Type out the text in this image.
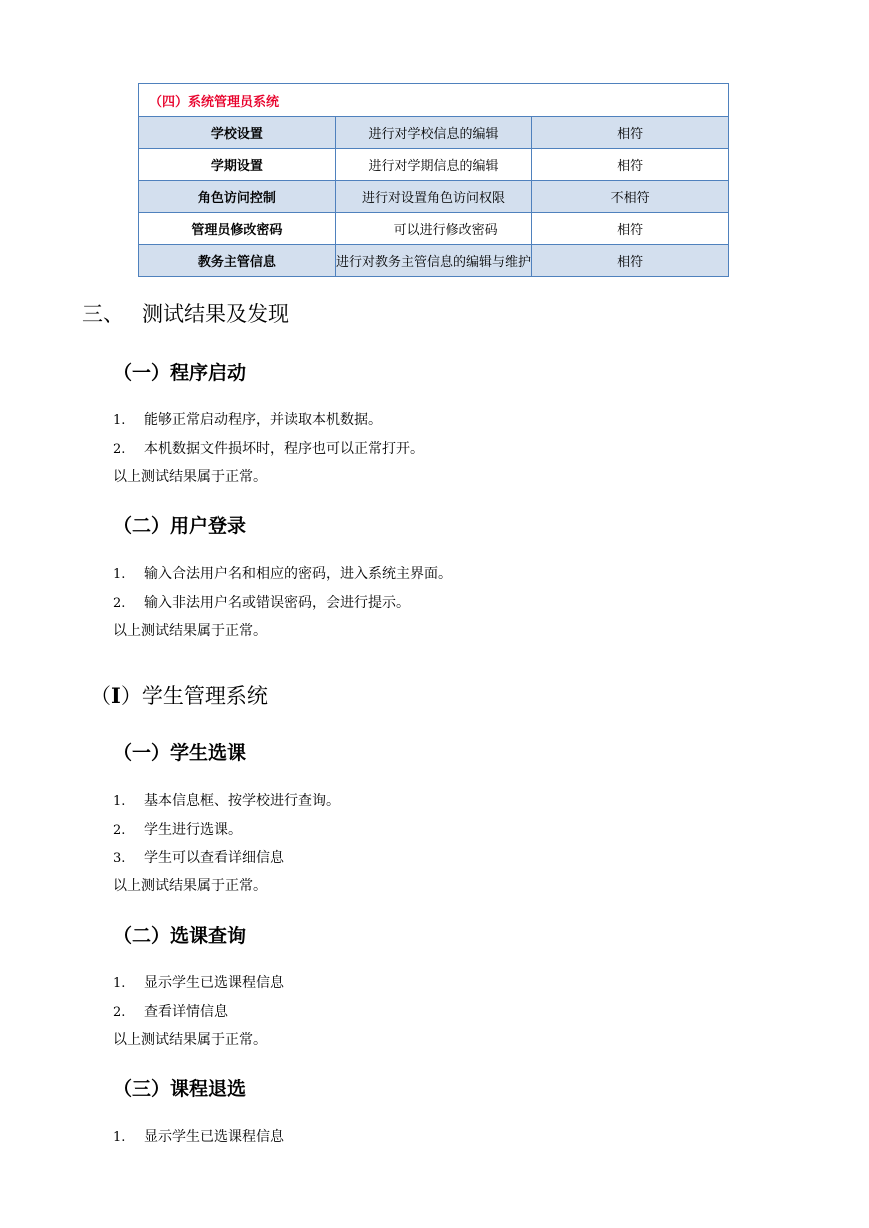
（四）系统管理员系统		
学校设置	进行对学校信息的编辑	相符
学期设置	进行对学期信息的编辑	相符
角色访问控制	进行对设置角色访问权限	不相符
管理员修改密码	可以进行修改密码	相符
教务主管信息	进行对教务主管信息的编辑与维护	相符
三、 测试结果及发现
（一）程序启动
1. 能够正常启动程序，并读取本机数据。
2. 本机数据文件损坏时，程序也可以正常打开。
以上测试结果属于正常。
（二）用户登录
1. 输入合法用户名和相应的密码，进入系统主界面。
2. 输入非法用户名或错误密码，会进行提示。
以上测试结果属于正常。
（I）学生管理系统
（一）学生选课
1. 基本信息框、按学校进行查询。
2. 学生进行选课。
3. 学生可以查看详细信息
以上测试结果属于正常。
（二）选课查询
1. 显示学生已选课程信息
2. 查看详情信息
以上测试结果属于正常。
（三）课程退选
1. 显示学生已选课程信息
